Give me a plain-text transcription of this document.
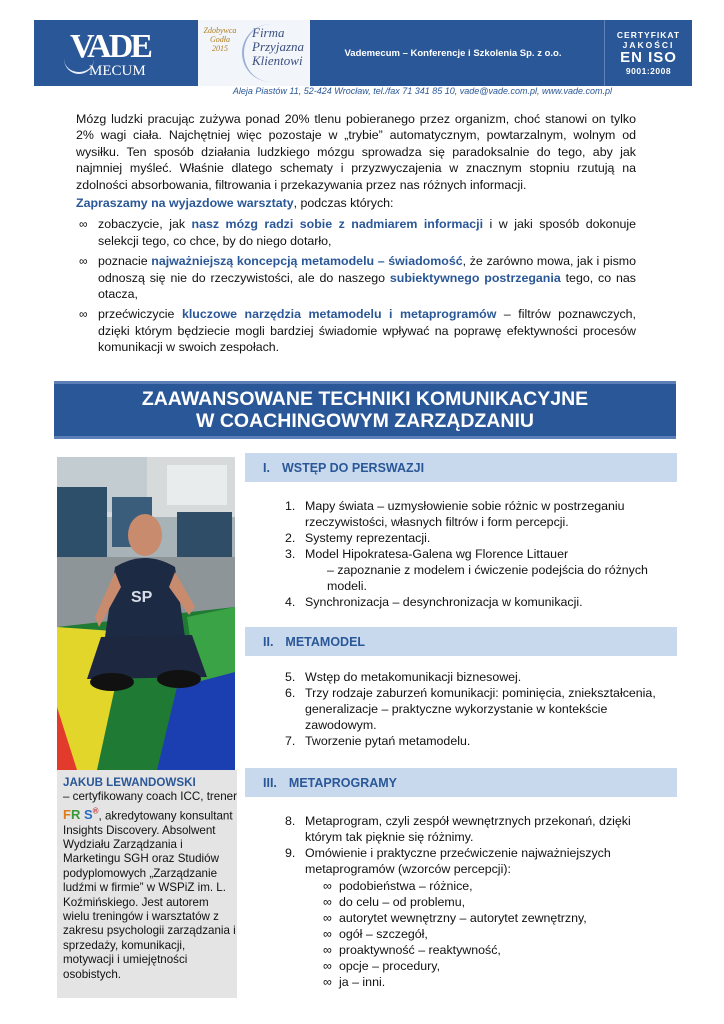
VADE
MECUM
Zdobywca Godła 2015
Firma Przyjazna Klientowi	Vademecum – Konferencje i Szkolenia Sp. z o.o.
CERTYFIKAT
JAKOŚCI
EN ISO
9001:2008
Aleja Piastów 11, 52-424 Wrocław, tel./fax 71 341 85 10, vade@vade.com.pl, www.vade.com.pl

Mózg ludzki pracując zużywa ponad 20% tlenu pobieranego przez organizm, choć stanowi on tylko 2% wagi ciała. Najchętniej więc pozostaje w „trybie” automatycznym, powtarzalnym, wolnym od wysiłku. Ten sposób działania ludzkiego mózgu sprowadza się paradoksalnie do tego, aby jak najmniej myśleć. Właśnie dlatego schematy i przyzwyczajenia w znacznym stopniu rzutują na zdolności absorbowania, filtrowania i przekazywania przez nas różnych informacji.

Zapraszamy na wyjazdowe warsztaty, podczas których:

∞ zobaczycie, jak nasz mózg radzi sobie z nadmiarem informacji i w jaki sposób dokonuje selekcji tego, co chce, by do niego dotarło,
∞ poznacie najważniejszą koncepcją metamodelu – świadomość, że zarówno mowa, jak i pismo odnoszą się nie do rzeczywistości, ale do naszego subiektywnego postrzegania tego, co nas otacza,
∞ przećwiczycie kluczowe narzędzia metamodelu i metaprogramów – filtrów poznawczych, dzięki którym będziecie mogli bardziej świadomie wpływać na poprawę efektywności procesów komunikacji w swoich zespołach.
ZAAWANSOWANE TECHNIKI KOMUNIKACYJNE
W COACHINGOWYM ZARZĄDZANIU
SP
JAKUB LEWANDOWSKI
– certyfikowany coach ICC, trener FR S®, akredytowany konsultant Insights Discovery. Absolwent Wydziału Zarządzania i Marketingu SGH oraz Studiów podyplomowych „Zarządzanie ludźmi w firmie” w WSPiZ im. L. Koźmińskiego. Jest autorem wielu treningów i warsztatów z zakresu psychologii zarządzania i sprzedaży, komunikacji, motywacji i umiejętności osobistych.
I. WSTĘP DO PERSWAZJI
1. Mapy świata – uzmysłowienie sobie różnic w postrzeganiu rzeczywistości, własnych filtrów i form percepcji.
2. Systemy reprezentacji.
3. Model Hipokratesa-Galena wg Florence Littauer
– zapoznanie z modelem i ćwiczenie podejścia do różnych modeli.
4. Synchronizacja – desynchronizacja w komunikacji.
II. METAMODEL
5. Wstęp do metakomunikacji biznesowej.
6. Trzy rodzaje zaburzeń komunikacji: pominięcia, zniekształcenia, generalizacje – praktyczne wykorzystanie w kontekście zawodowym.
7. Tworzenie pytań metamodelu.
III. METAPROGRAMY
8. Metaprogram, czyli zespół wewnętrznych przekonań, dzięki którym tak pięknie się różnimy.
9. Omówienie i praktyczne przećwiczenie najważniejszych metaprogramów (wzorców percepcji):
∞ podobieństwa – różnice,
∞ do celu – od problemu,
∞ autorytet wewnętrzny – autorytet zewnętrzny,
∞ ogół – szczegół,
∞ proaktywność – reaktywność,
∞ opcje – procedury,
∞ ja – inni.
